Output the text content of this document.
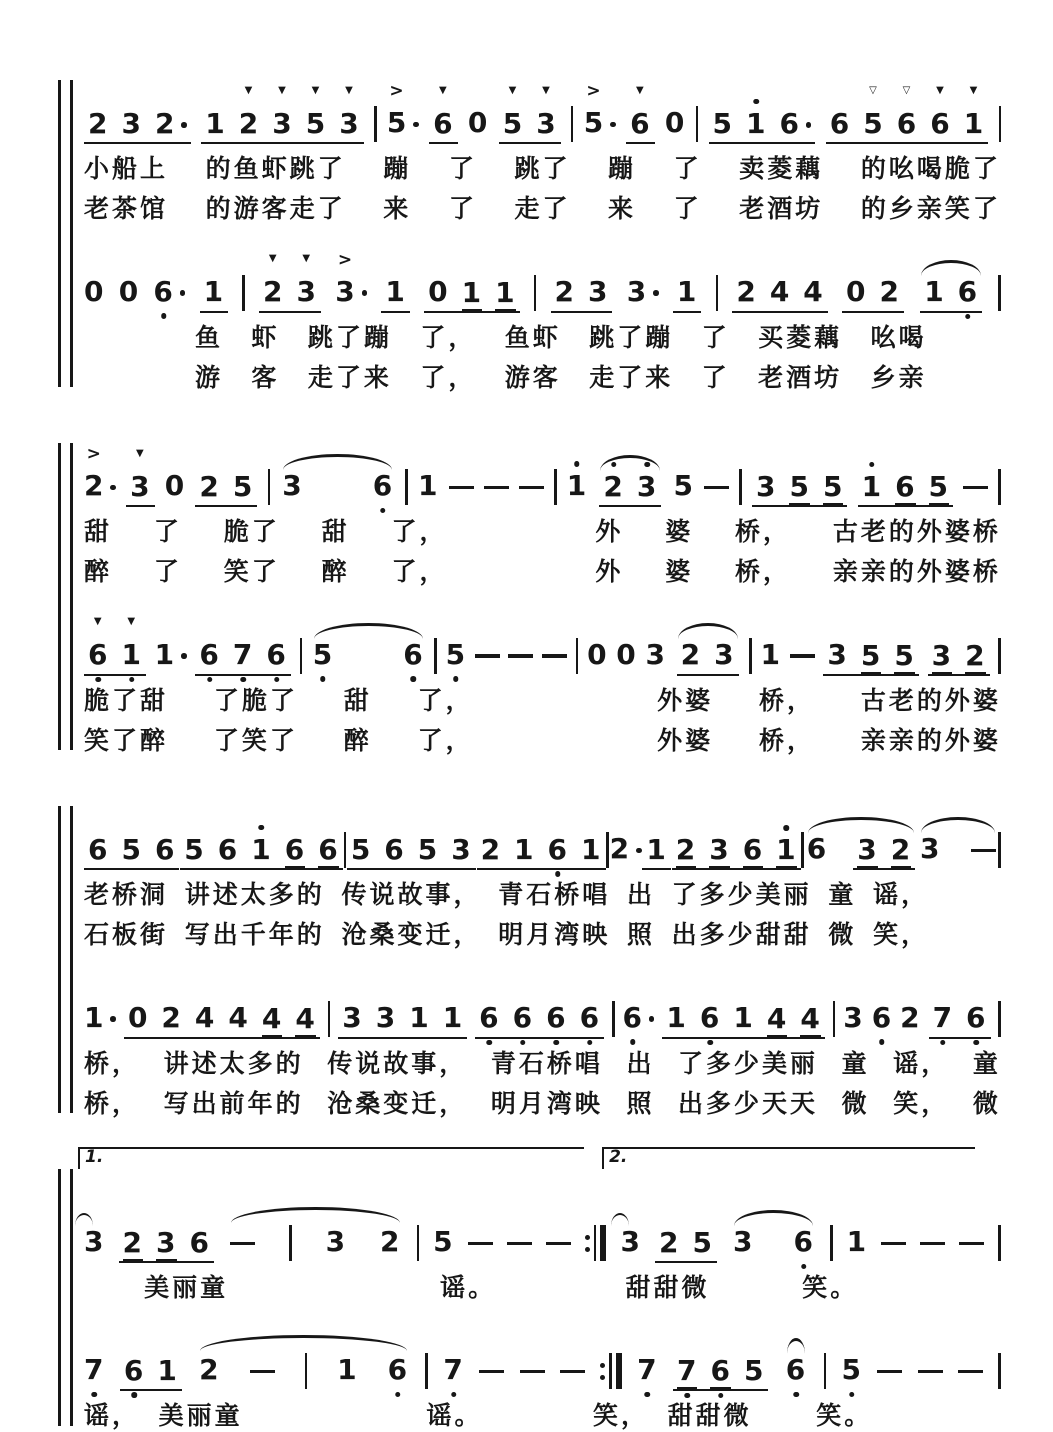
2 3 2 1 2
▼
3
▼
5
▼
3
▼
5
>
6
▼
0 5
▼
3
▼
5
>
6
▼
0 5 1 6 6 5
▽
6
▽
6
▼
1
▼
小船上 的鱼虾跳了 蹦 了 跳了 蹦 了 卖菱藕 的吆喝脆了
老茶馆 的游客走了 来 了 走了 来 了 老酒坊 的乡亲笑了
0 0 6 1 2
▼
3
▼
3
>
1 0 1 1 2 3 3 1 2 4 4 0 2 1 6
鱼 虾 跳了蹦 了， 鱼虾 跳了蹦 了 买菱藕 吆喝
游 客 走了来 了， 游客 走了来 了 老酒坊 乡亲
2
>
3
▼
0 2 5 3	6 1	1 2 3 5 3 5 5 1 6 5
甜 了 脆了 甜 了，	外 婆 桥， 古老的外婆桥
醉 了 笑了 醉 了，	外 婆 桥， 亲亲的外婆桥
6
▼
1
▼
1 6 7 6 5	6 5	0 0 3 2 3 1 3 5 5 3 2
脆了甜 了脆了 甜 了，	外婆 桥， 古老的外婆
笑了醉 了笑了 醉 了，	外婆 桥， 亲亲的外婆
6 5 6 5 6 1 6 6 5 6 5 3 2 1 6 1 2 1 2 3 6 1 6 3 2 3
老桥洞 讲述太多的 传说故事， 青石桥唱 出 了多少美丽 童 谣，
石板街 写出千年的 沧桑变迁， 明月湾映 照 出多少甜甜 微 笑，
1 0 2 4 4 4 4 3 3 1 1 6 6 6 6 6 1 6 1 4 4 3 6 2 7 6
桥， 讲述太多的 传说故事， 青石桥唱 出 了多少美丽 童 谣， 童
桥， 写出前年的 沧桑变迁， 明月湾映 照 出多少天天 微 笑， 微
1.	2.
3 2 3 6	3 2 5	3 2 5 3 6 1
美丽童	谣。	甜甜微	笑。
7 6 1 2	1 6 7	7 7 6 5 6 5
谣， 美丽童	谣。	笑， 甜甜微	笑。
